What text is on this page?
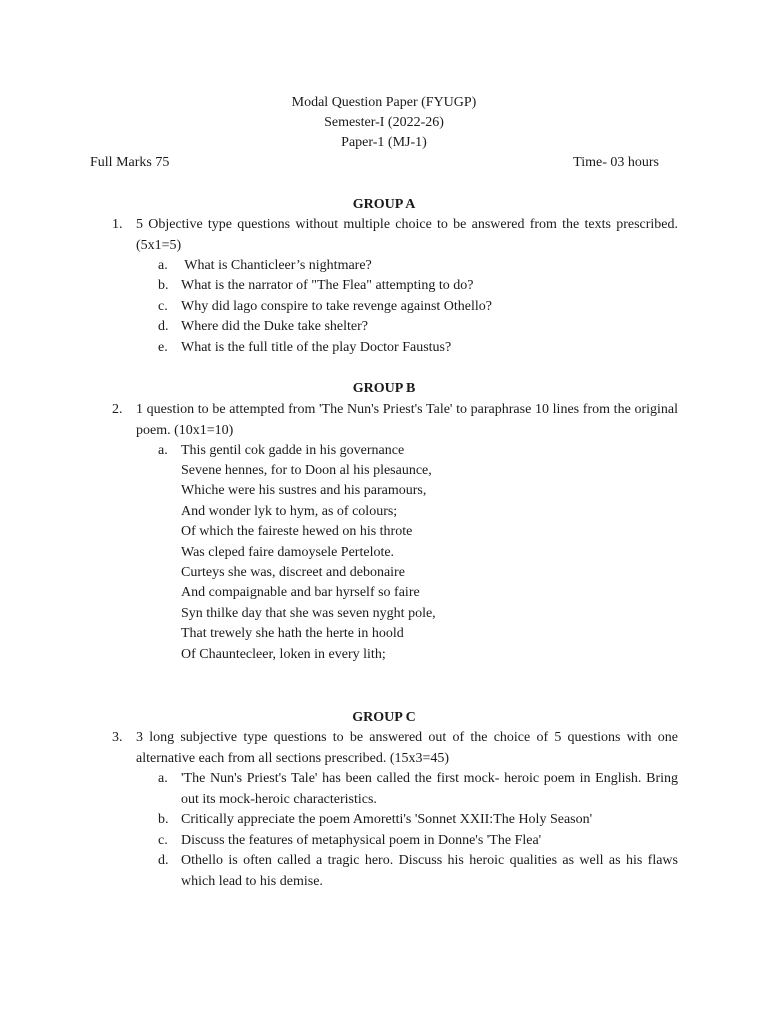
Modal Question Paper (FYUGP)
Semester-I (2022-26)
Paper-1 (MJ-1)
Full Marks 75	Time- 03 hours
GROUP A
1. 5 Objective type questions without multiple choice to be answered from the texts prescribed. (5x1=5)
a. What is Chanticleer’s nightmare?
b. What is the narrator of "The Flea" attempting to do?
c. Why did lago conspire to take revenge against Othello?
d. Where did the Duke take shelter?
e. What is the full title of the play Doctor Faustus?
GROUP B
2. 1 question to be attempted from 'The Nun's Priest's Tale' to paraphrase 10 lines from the original poem. (10x1=10)
a. This gentil cok gadde in his governance
Sevene hennes, for to Doon al his plesaunce,
Whiche were his sustres and his paramours,
And wonder lyk to hym, as of colours;
Of which the faireste hewed on his throte
Was cleped faire damoysele Pertelote.
Curteys she was, discreet and debonaire
And compaignable and bar hyrself so faire
Syn thilke day that she was seven nyght pole,
That trewely she hath the herte in hoold
Of Chauntecleer, loken in every lith;
GROUP C
3. 3 long subjective type questions to be answered out of the choice of 5 questions with one alternative each from all sections prescribed. (15x3=45)
a. 'The Nun's Priest's Tale' has been called the first mock- heroic poem in English. Bring out its mock-heroic characteristics.
b. Critically appreciate the poem Amoretti's 'Sonnet XXII:The Holy Season'
c. Discuss the features of metaphysical poem in Donne's 'The Flea'
d. Othello is often called a tragic hero. Discuss his heroic qualities as well as his flaws which lead to his demise.
